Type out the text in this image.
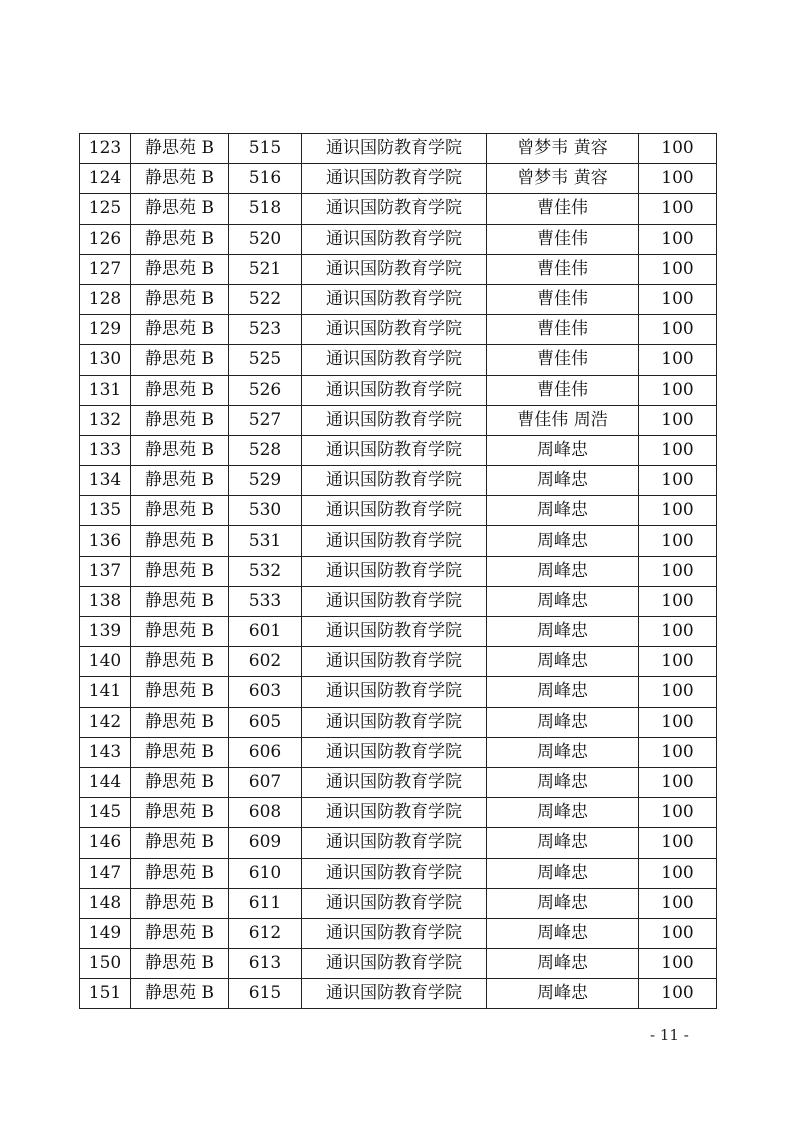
123	静思苑 B	515	通识国防教育学院	曾梦韦 黄容	100
124	静思苑 B	516	通识国防教育学院	曾梦韦 黄容	100
125	静思苑 B	518	通识国防教育学院	曹佳伟	100
126	静思苑 B	520	通识国防教育学院	曹佳伟	100
127	静思苑 B	521	通识国防教育学院	曹佳伟	100
128	静思苑 B	522	通识国防教育学院	曹佳伟	100
129	静思苑 B	523	通识国防教育学院	曹佳伟	100
130	静思苑 B	525	通识国防教育学院	曹佳伟	100
131	静思苑 B	526	通识国防教育学院	曹佳伟	100
132	静思苑 B	527	通识国防教育学院	曹佳伟 周浩	100
133	静思苑 B	528	通识国防教育学院	周峰忠	100
134	静思苑 B	529	通识国防教育学院	周峰忠	100
135	静思苑 B	530	通识国防教育学院	周峰忠	100
136	静思苑 B	531	通识国防教育学院	周峰忠	100
137	静思苑 B	532	通识国防教育学院	周峰忠	100
138	静思苑 B	533	通识国防教育学院	周峰忠	100
139	静思苑 B	601	通识国防教育学院	周峰忠	100
140	静思苑 B	602	通识国防教育学院	周峰忠	100
141	静思苑 B	603	通识国防教育学院	周峰忠	100
142	静思苑 B	605	通识国防教育学院	周峰忠	100
143	静思苑 B	606	通识国防教育学院	周峰忠	100
144	静思苑 B	607	通识国防教育学院	周峰忠	100
145	静思苑 B	608	通识国防教育学院	周峰忠	100
146	静思苑 B	609	通识国防教育学院	周峰忠	100
147	静思苑 B	610	通识国防教育学院	周峰忠	100
148	静思苑 B	611	通识国防教育学院	周峰忠	100
149	静思苑 B	612	通识国防教育学院	周峰忠	100
150	静思苑 B	613	通识国防教育学院	周峰忠	100
151	静思苑 B	615	通识国防教育学院	周峰忠	100
- 11 -
